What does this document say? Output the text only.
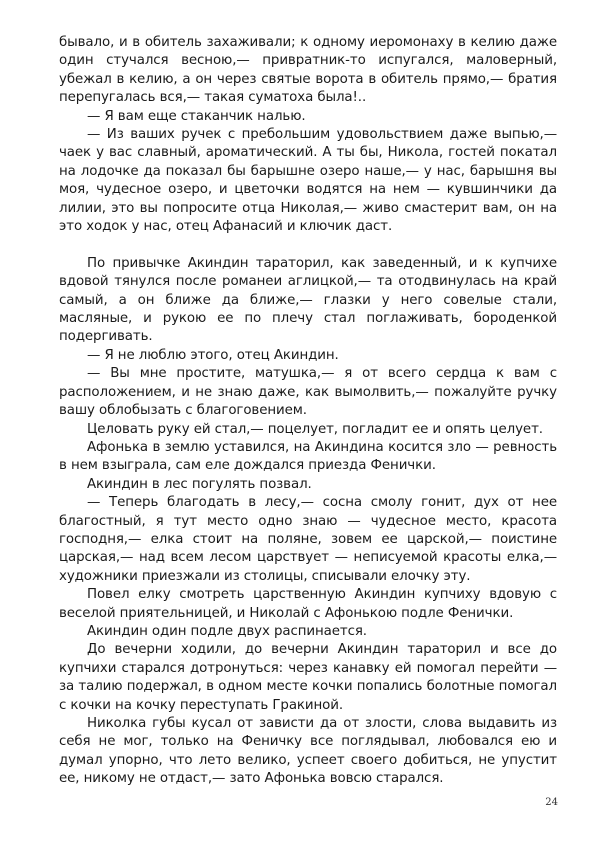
бывало, и в обитель захаживали; к одному иеромонаху в келию даже один стучался весною,— привратник-то испугался, маловерный, убежал в келию, а он через святые ворота в обитель прямо,— братия перепугалась вся,— такая суматоха была!..

— Я вам еще стаканчик налью.

— Из ваших ручек с пребольшим удовольствием даже выпью,— чаек у вас славный, ароматический. А ты бы, Никола, гостей покатал на лодочке да показал бы барышне озеро наше,— у нас, барышня вы моя, чудесное озеро, и цветочки водятся на нем — кувшинчики да лилии, это вы попросите отца Николая,— живо смастерит вам, он на это ходок у нас, отец Афанасий и ключик даст.

По привычке Акиндин тараторил, как заведенный, и к купчихе вдовой тянулся после романеи аглицкой,— та отодвинулась на край самый, а он ближе да ближе,— глазки у него совелые стали, масляные, и рукою ее по плечу стал поглаживать, бороденкой подергивать.

— Я не люблю этого, отец Акиндин.

— Вы мне простите, матушка,— я от всего сердца к вам с расположением, и не знаю даже, как вымолвить,— пожалуйте ручку вашу облобызать с благоговением.

Целовать руку ей стал,— поцелует, погладит ее и опять целует.

Афонька в землю уставился, на Акиндина косится зло — ревность в нем взыграла, сам еле дождался приезда Фенички.

Акиндин в лес погулять позвал.

— Теперь благодать в лесу,— сосна смолу гонит, дух от нее благостный, я тут место одно знаю — чудесное место, красота господня,— елка стоит на поляне, зовем ее царской,— поистине царская,— над всем лесом царствует — неписуемой красоты елка,— художники приезжали из столицы, списывали елочку эту.

Повел елку смотреть царственную Акиндин купчиху вдовую с веселой приятельницей, и Николай с Афонькою подле Фенички.

Акиндин один подле двух распинается.

До вечерни ходили, до вечерни Акиндин тараторил и все до купчихи старался дотронуться: через канавку ей помогал перейти — за талию подержал, в одном месте кочки попались болотные помогал с кочки на кочку переступать Гракиной.

Николка губы кусал от зависти да от злости, слова выдавить из себя не мог, только на Феничку все поглядывал, любовался ею и думал упорно, что лето велико, успеет своего добиться, не упустит ее, никому не отдаст,— зато Афонька вовсю старался.

24
